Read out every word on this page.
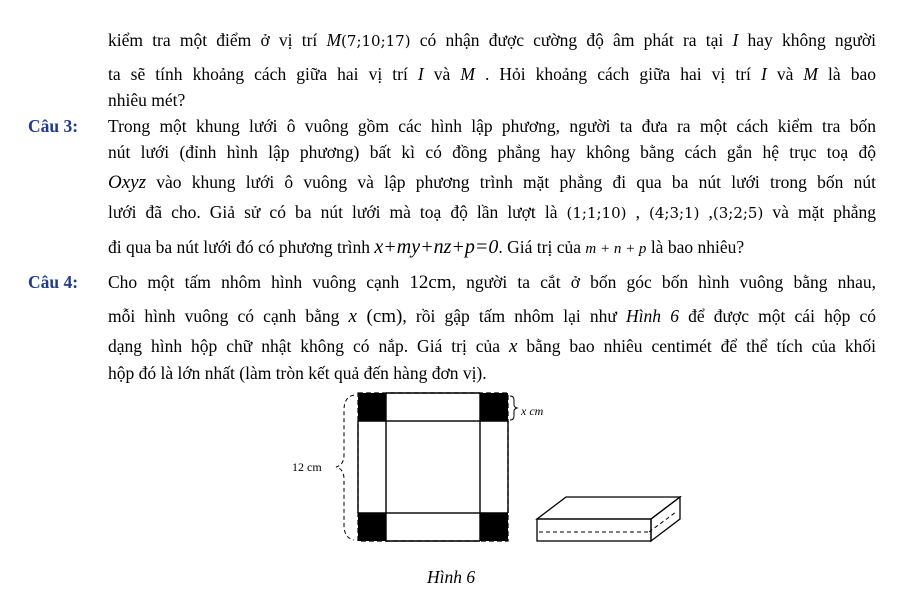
kiểm tra một điểm ở vị trí M(7;10;17) có nhận được cường độ âm phát ra tại I hay không người
ta sẽ tính khoảng cách giữa hai vị trí I và M . Hỏi khoảng cách giữa hai vị trí I và M là bao
nhiêu mét?
Câu 3: Trong một khung lưới ô vuông gồm các hình lập phương, người ta đưa ra một cách kiểm tra bốn
nút lưới (đỉnh hình lập phương) bất kì có đồng phẳng hay không bằng cách gắn hệ trục toạ độ
Oxyz vào khung lưới ô vuông và lập phương trình mặt phẳng đi qua ba nút lưới trong bốn nút
lưới đã cho. Giả sử có ba nút lưới mà toạ độ lần lượt là (1;1;10) , (4;3;1) ,(3;2;5) và mặt phẳng
đi qua ba nút lưới đó có phương trình x+my+nz+p=0. Giá trị của m + n + p là bao nhiêu?
Câu 4: Cho một tấm nhôm hình vuông cạnh 12cm, người ta cắt ở bốn góc bốn hình vuông bằng nhau,
mỗi hình vuông có cạnh bằng x (cm), rồi gập tấm nhôm lại như Hình 6 để được một cái hộp có
dạng hình hộp chữ nhật không có nắp. Giá trị của x bằng bao nhiêu centimét để thể tích của khối
hộp đó là lớn nhất (làm tròn kết quả đến hàng đơn vị).
x cm
12 cm
Hình 6
